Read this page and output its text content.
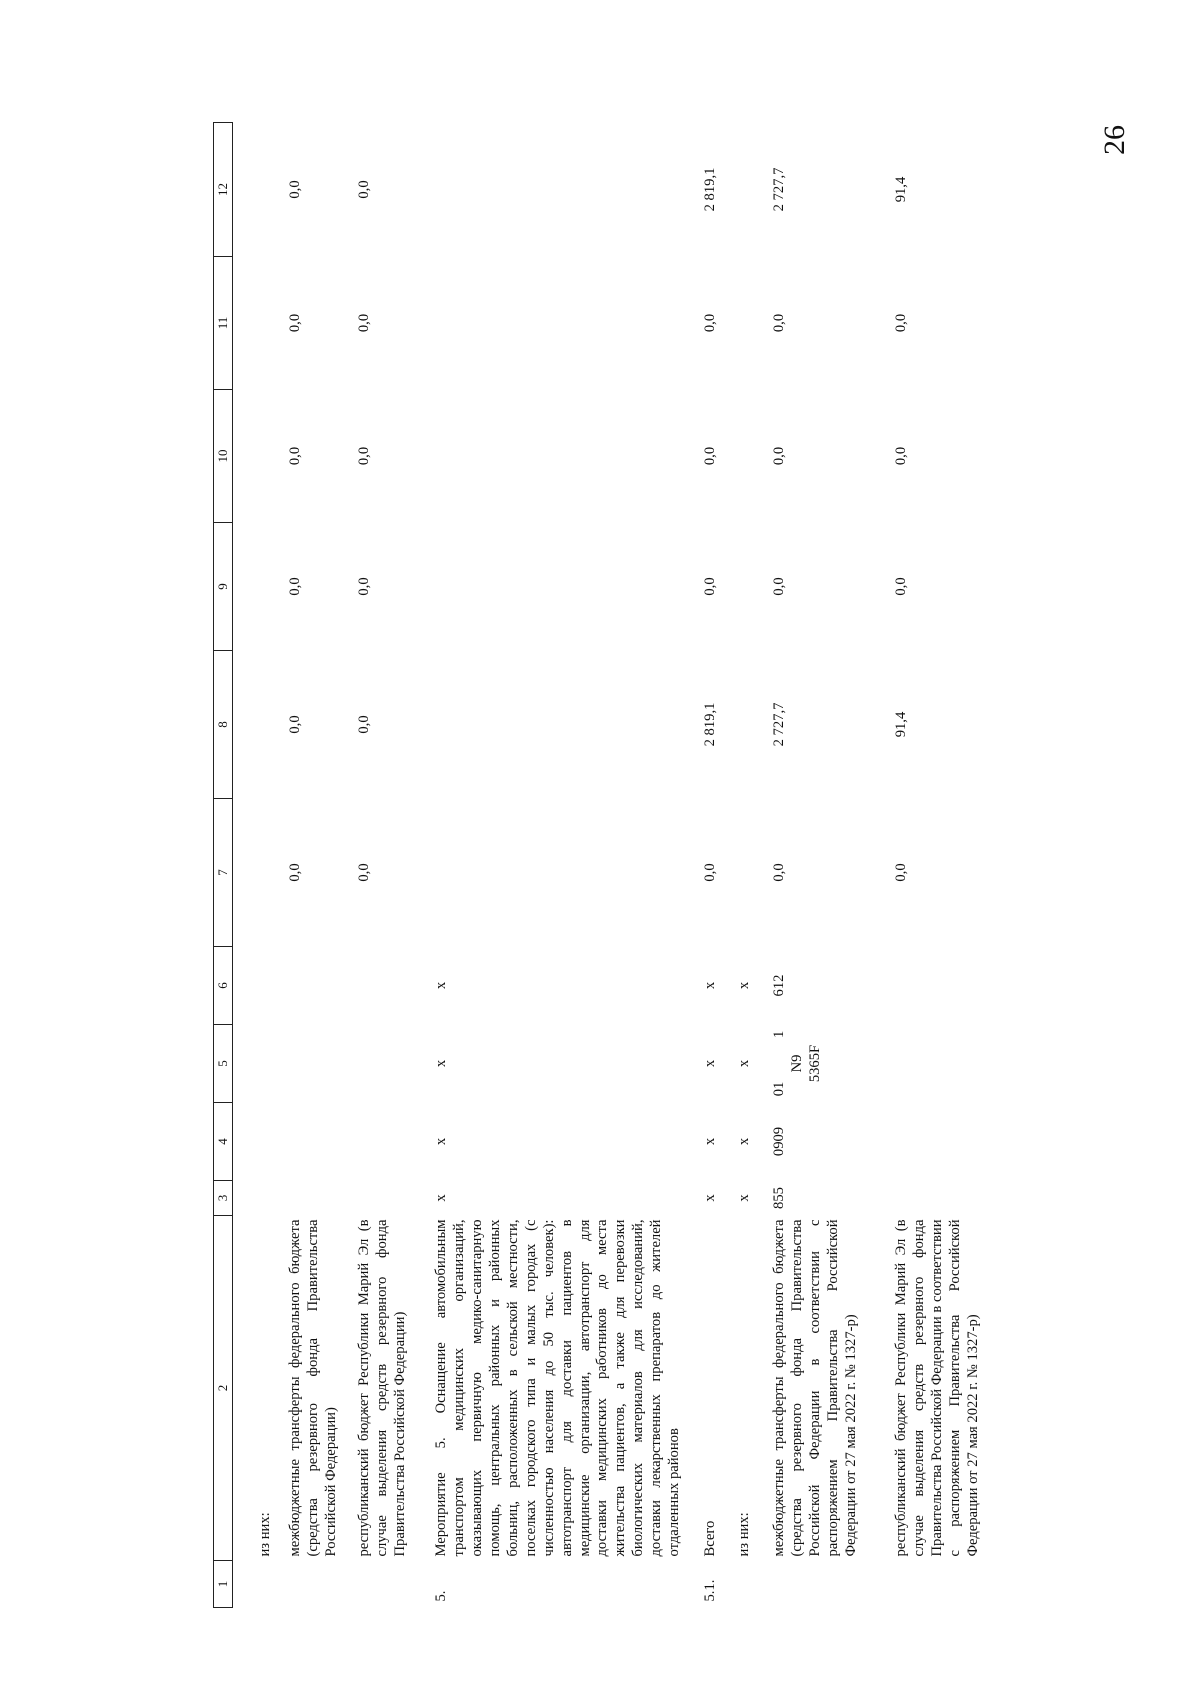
26
1	2	3	4	5	6	7	8	9	10	11	12
	из них:										
	межбюджетные трансферты федерального бюджета (средства резервного фонда Правительства Российской Федерации)					0,0	0,0	0,0	0,0	0,0	0,0
	республиканский бюджет Республики Марий Эл (в случае выделения средств резервного фонда Правительства Российской Федерации)					0,0	0,0	0,0	0,0	0,0	0,0
5.	Мероприятие 5. Оснащение автомобильным транспортом медицинских организаций, оказывающих первичную медико-санитарную помощь, центральных районных и районных больниц, расположенных в сельской местности, поселках городского типа и малых городах (с численностью населения до 50 тыс. человек): автотранспорт для доставки пациентов в медицинские организации, автотранспорт для доставки медицинских работников до места жительства пациентов, а также для перевозки биологических материалов для исследований, доставки лекарственных препаратов до жителей отдаленных районов	x	x	x	x						
5.1.	Всего	x	x	x	x	0,0	2 819,1	0,0	0,0	0,0	2 819,1
	из них:	x	x	x	x						
	межбюджетные трансферты федерального бюджета (средства резервного фонда Правительства Российской Федерации в соответствии с распоряжением Правительства Российской Федерации от 27 мая 2022 г. № 1327-р)	855	0909	01 1 N9 5365F	612	0,0	2 727,7	0,0	0,0	0,0	2 727,7
	республиканский бюджет Республики Марий Эл (в случае выделения средств резервного фонда Правительства Российской Федерации в соответствии с распоряжением Правительства Российской Федерации от 27 мая 2022 г. № 1327-р)					0,0	91,4	0,0	0,0	0,0	91,4
